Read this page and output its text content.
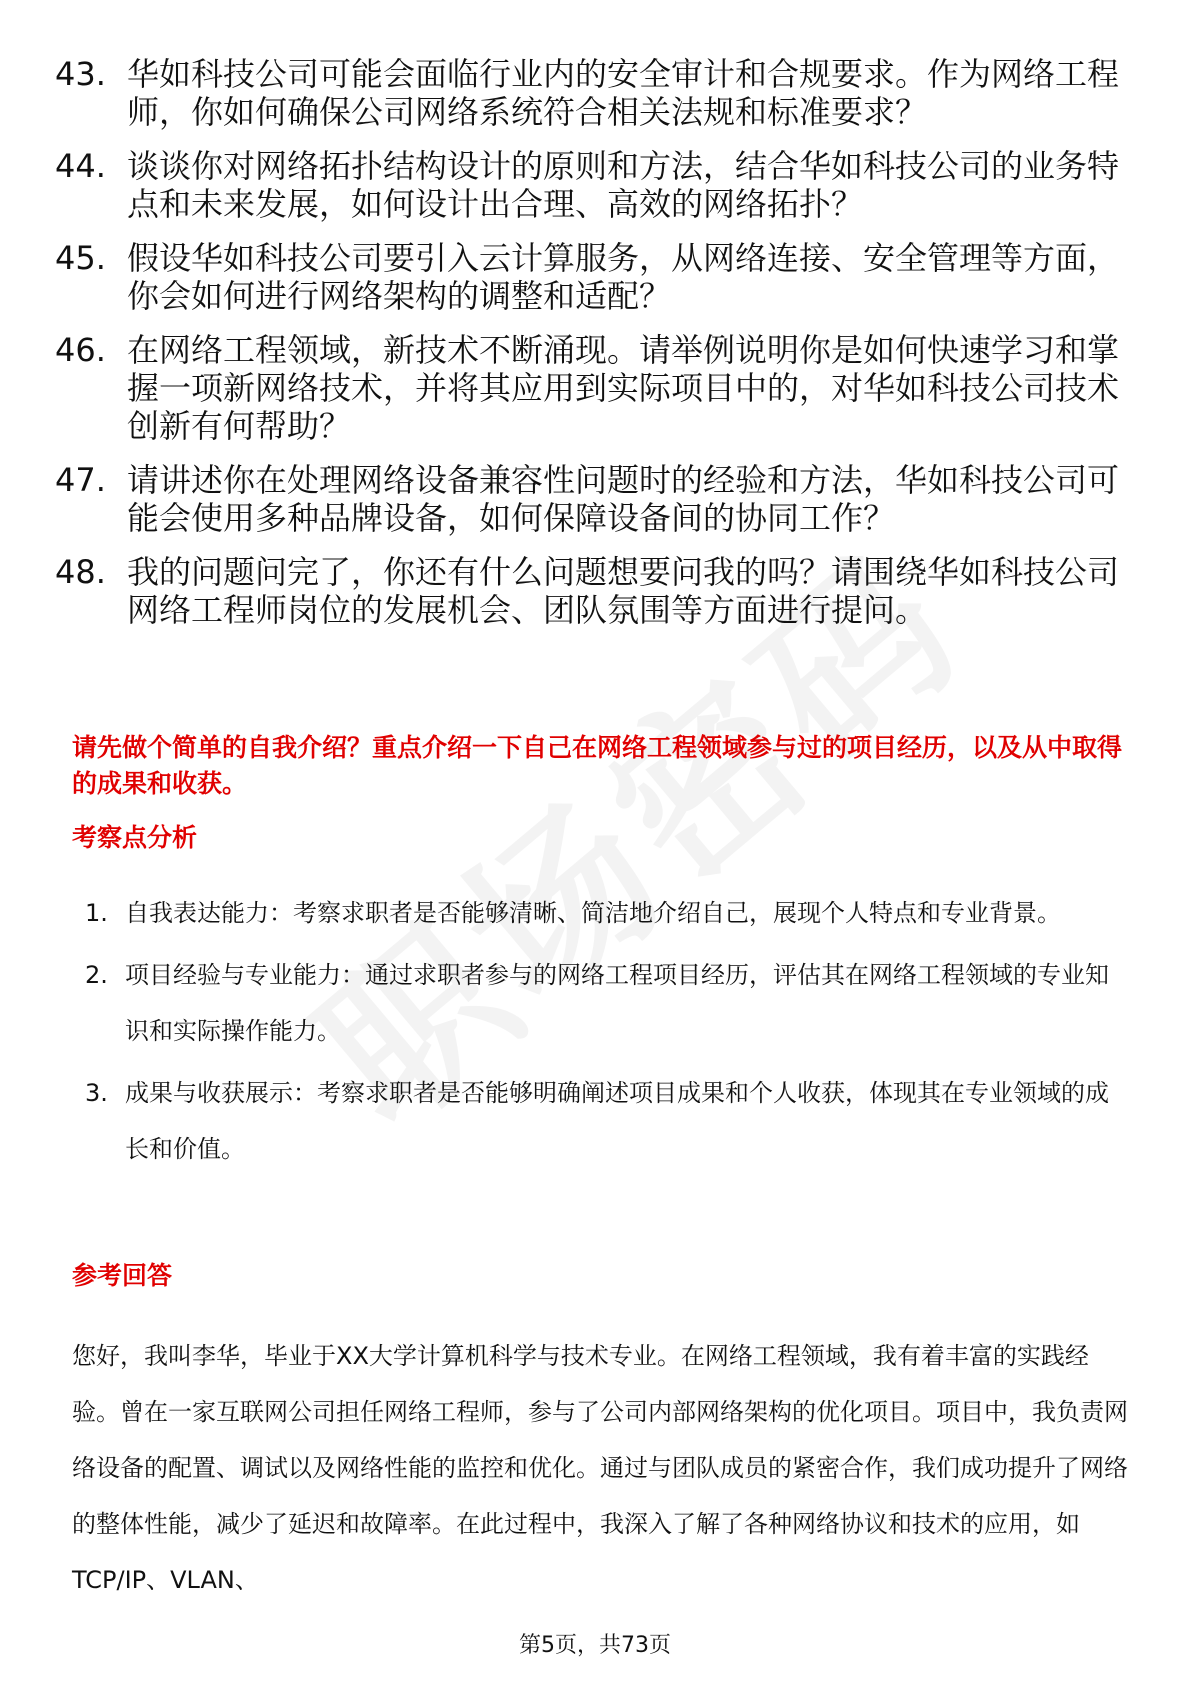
43. 华如科技公司可能会面临行业内的安全审计和合规要求。作为网络工程师，你如何确保公司网络系统符合相关法规和标准要求？
44. 谈谈你对网络拓扑结构设计的原则和方法，结合华如科技公司的业务特点和未来发展，如何设计出合理、高效的网络拓扑？
45. 假设华如科技公司要引入云计算服务，从网络连接、安全管理等方面，你会如何进行网络架构的调整和适配？
46. 在网络工程领域，新技术不断涌现。请举例说明你是如何快速学习和掌握一项新网络技术，并将其应用到实际项目中的，对华如科技公司技术创新有何帮助？
47. 请讲述你在处理网络设备兼容性问题时的经验和方法，华如科技公司可能会使用多种品牌设备，如何保障设备间的协同工作？
48. 我的问题问完了，你还有什么问题想要问我的吗？请围绕华如科技公司网络工程师岗位的发展机会、团队氛围等方面进行提问。
请先做个简单的自我介绍？重点介绍一下自己在网络工程领域参与过的项目经历，以及从中取得的成果和收获。
考察点分析
1. 自我表达能力：考察求职者是否能够清晰、简洁地介绍自己，展现个人特点和专业背景。
2. 项目经验与专业能力：通过求职者参与的网络工程项目经历，评估其在网络工程领域的专业知识和实际操作能力。
3. 成果与收获展示：考察求职者是否能够明确阐述项目成果和个人收获，体现其在专业领域的成长和价值。
参考回答
您好，我叫李华，毕业于XX大学计算机科学与技术专业。在网络工程领域，我有着丰富的实践经验。曾在一家互联网公司担任网络工程师，参与了公司内部网络架构的优化项目。项目中，我负责网络设备的配置、调试以及网络性能的监控和优化。通过与团队成员的紧密合作，我们成功提升了网络的整体性能，减少了延迟和故障率。在此过程中，我深入了解了各种网络协议和技术的应用，如TCP/IP、VLAN、
第5页，共73页
